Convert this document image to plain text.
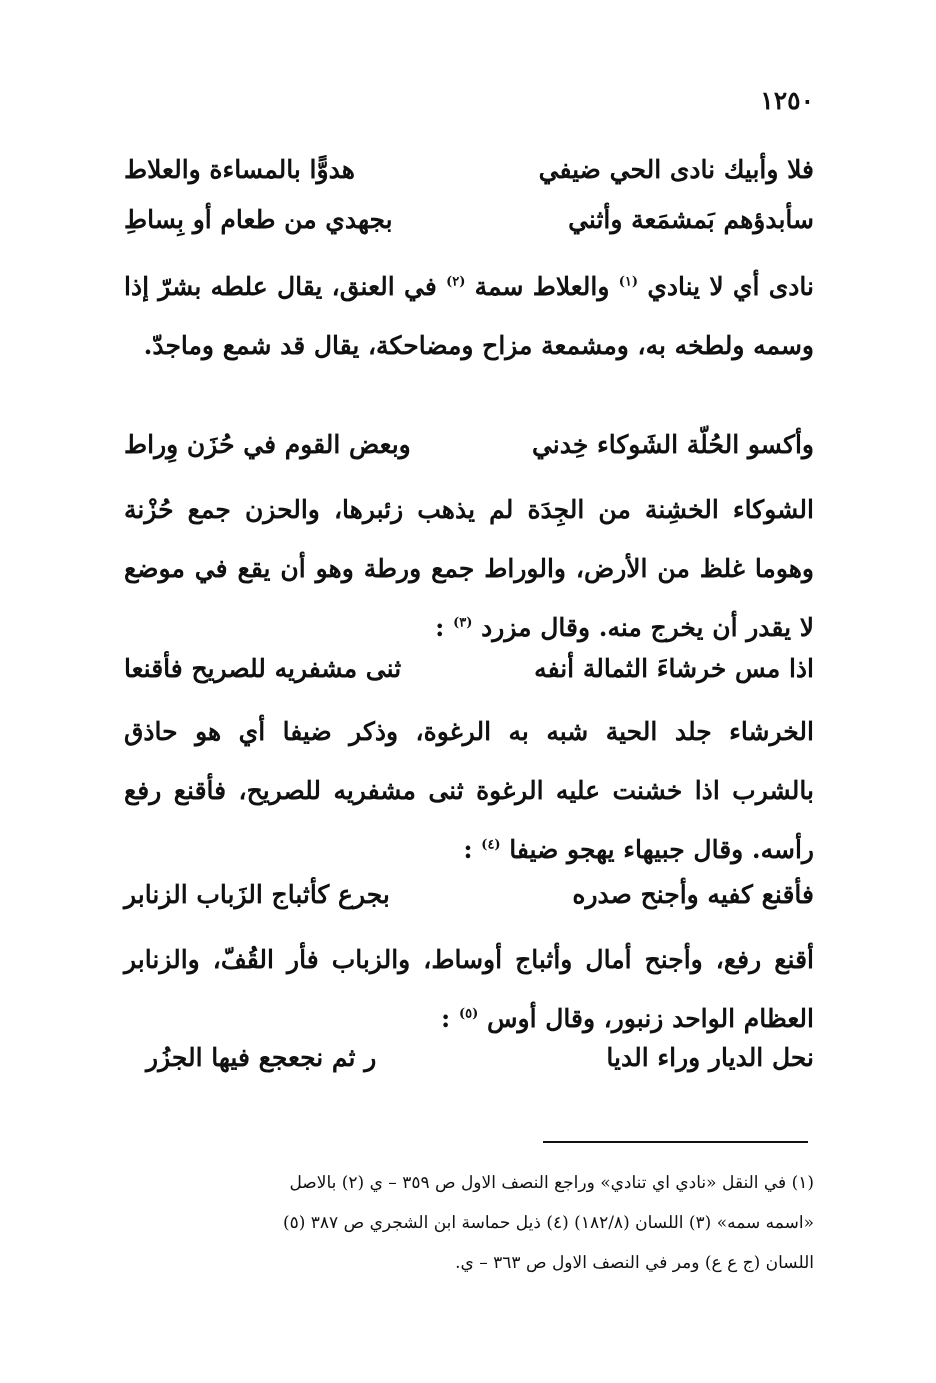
١٢٥٠
فلا وأبيك نادى الحي ضيفي
هدوًّا بالمساءة والعلاط
سأبدؤهم بَمشمَعة وأثني
بجهدي من طعام أو بِساطِ

نادى أي لا ينادي $^{(١)}$ والعلاط سمة $^{(٢)}$ في العنق، يقال علطه بشرّ إذا وسمه ولطخه به، ومشمعة مزاح ومضاحكة، يقال قد شمع وماجدّ.

وأكسو الحُلّة الشَوكاء خِدني
وبعض القوم في حُزَن وِراط

الشوكاء الخشِنة من الجِدَة لم يذهب زئبرها، والحزن جمع حُزْنة وهوما غلظ من الأرض، والوراط جمع ورطة وهو أن يقع في موضع لا يقدر أن يخرج منه. وقال مزرد $^{(٣)}$ :

اذا مس خرشاءَ الثمالة أنفه
ثنى مشفريه للصريح فأقنعا

الخرشاء جلد الحية شبه به الرغوة، وذكر ضيفا أي هو حاذق بالشرب اذا خشنت عليه الرغوة ثنى مشفريه للصريح، فأقنع رفع رأسه. وقال جبيهاء يهجو ضيفا $^{(٤)}$ :

فأقنع كفيه وأجنح صدره
بجرع كأثباج الزَباب الزنابر

أقنع رفع، وأجنح أمال وأثباج أوساط، والزباب فأر القُفّ، والزنابر العظام الواحد زنبور، وقال أوس $^{(٥)}$ :

نحل الديار وراء الديا
ر ثم نجعجع فيها الجزُر

(١) في النقل «نادي اي تنادي» وراجع النصف الاول ص ٣٥٩ – ي (٢) بالاصل

«اسمه سمه» (٣) اللسان (١٨٢/٨) (٤) ذيل حماسة ابن الشجري ص ٣٨٧ (٥)

اللسان (ج ع ع) ومر في النصف الاول ص ٣٦٣ – ي.
